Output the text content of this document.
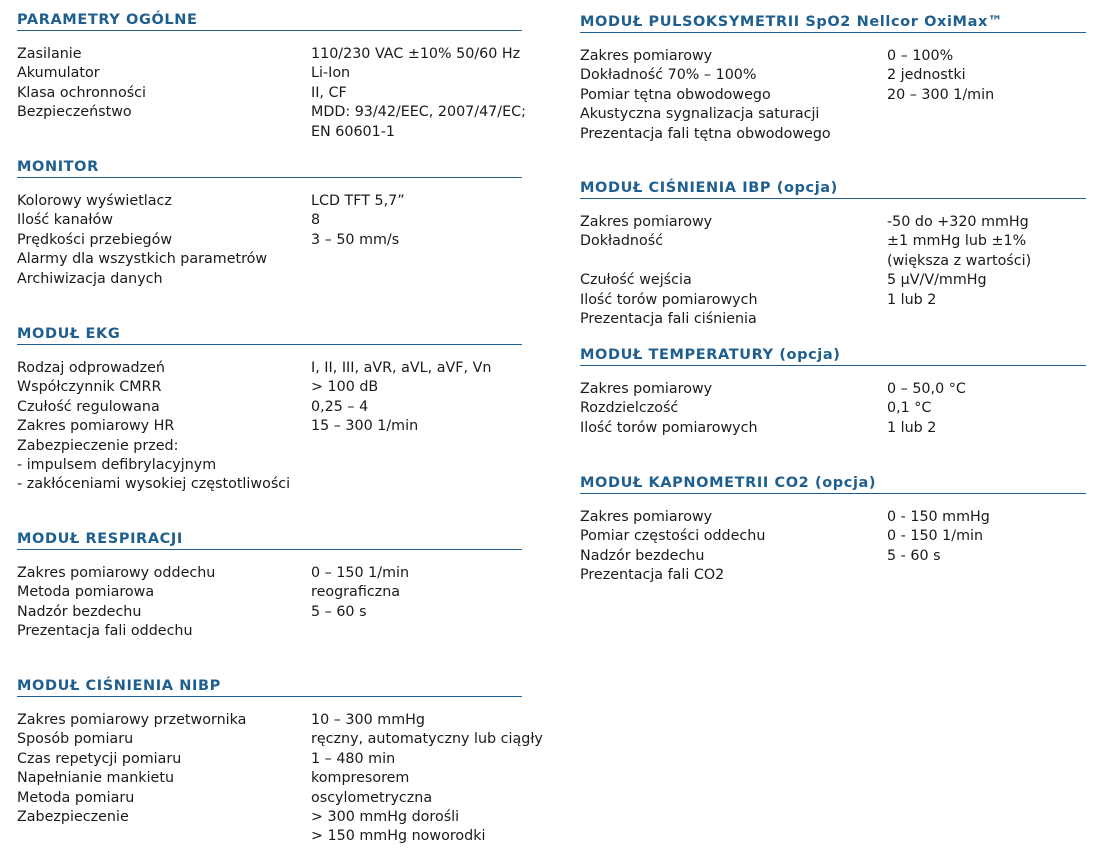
PARAMETRY OGÓLNE
Zasilanie	110/230 VAC ±10% 50/60 Hz
Akumulator	Li-Ion
Klasa ochronności	II, CF
Bezpieczeństwo	MDD: 93/42/EEC, 2007/47/EC;
EN 60601-1
MONITOR
Kolorowy wyświetlacz	LCD TFT 5,7”
Ilość kanałów	8
Prędkości przebiegów	3 – 50 mm/s
Alarmy dla wszystkich parametrów
Archiwizacja danych
MODUŁ EKG
Rodzaj odprowadzeń	I, II, III, aVR, aVL, aVF, Vn
Współczynnik CMRR	> 100 dB
Czułość regulowana	0,25 – 4
Zakres pomiarowy HR	15 – 300 1/min
Zabezpieczenie przed:
- impulsem defibrylacyjnym
- zakłóceniami wysokiej częstotliwości
MODUŁ RESPIRACJI
Zakres pomiarowy oddechu	0 – 150 1/min
Metoda pomiarowa	reograficzna
Nadzór bezdechu	5 – 60 s
Prezentacja fali oddechu
MODUŁ CIŚNIENIA NIBP
Zakres pomiarowy przetwornika	10 – 300 mmHg
Sposób pomiaru	ręczny, automatyczny lub ciągły
Czas repetycji pomiaru	1 – 480 min
Napełnianie mankietu	kompresorem
Metoda pomiaru	oscylometryczna
Zabezpieczenie	> 300 mmHg dorośli
> 150 mmHg noworodki
MODUŁ PULSOKSYMETRII SpO2 Nellcor OxiMax™
Zakres pomiarowy	0 – 100%
Dokładność 70% – 100%	2 jednostki
Pomiar tętna obwodowego	20 – 300 1/min
Akustyczna sygnalizacja saturacji
Prezentacja fali tętna obwodowego
MODUŁ CIŚNIENIA IBP (opcja)
Zakres pomiarowy	-50 do +320 mmHg
Dokładność	±1 mmHg lub ±1%
(większa z wartości)
Czułość wejścia	5 μV/V/mmHg
Ilość torów pomiarowych	1 lub 2
Prezentacja fali ciśnienia
MODUŁ TEMPERATURY (opcja)
Zakres pomiarowy	0 – 50,0 °C
Rozdzielczość	0,1 °C
Ilość torów pomiarowych	1 lub 2
MODUŁ KAPNOMETRII CO2 (opcja)
Zakres pomiarowy	0 - 150 mmHg
Pomiar częstości oddechu	0 - 150 1/min
Nadzór bezdechu	5 - 60 s
Prezentacja fali CO2
